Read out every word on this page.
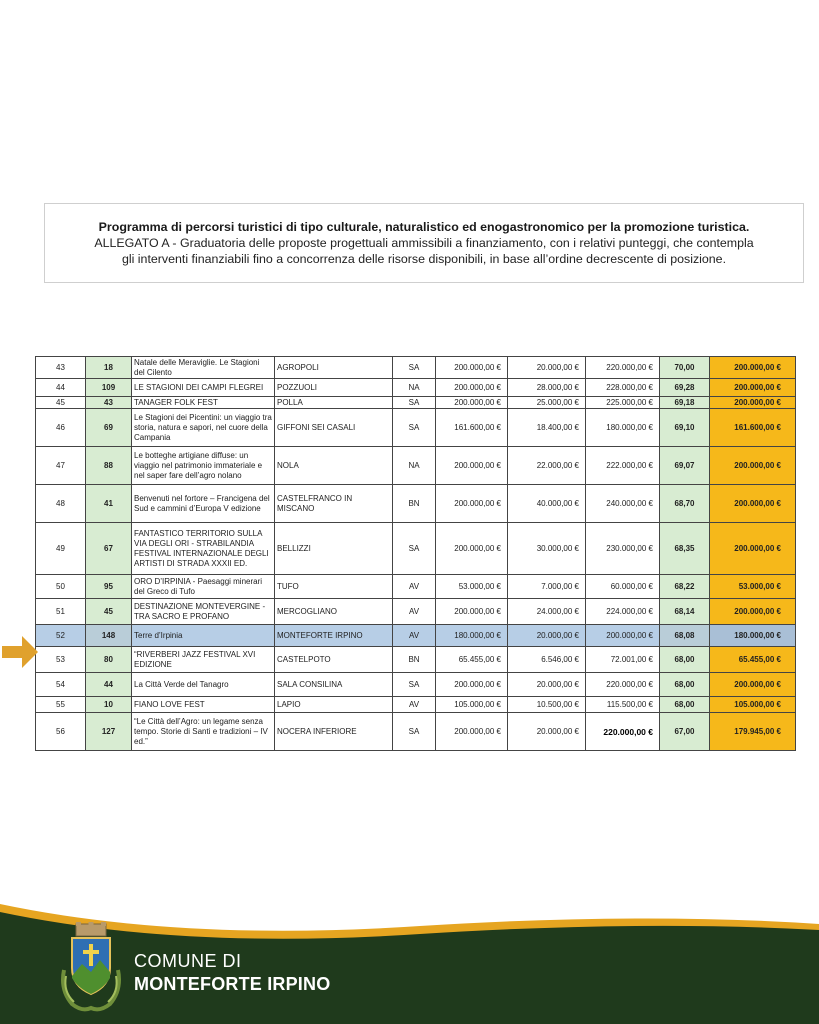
Programma di percorsi turistici di tipo culturale, naturalistico ed enogastronomico per la promozione turistica.
ALLEGATO A - Graduatoria delle proposte progettuali ammissibili a finanziamento, con i relativi punteggi, che contempla
gli interventi finanziabili fino a concorrenza delle risorse disponibili, in base all’ordine decrescente di posizione.
43	18	Natale delle Meraviglie. Le Stagioni del Cilento	AGROPOLI	SA	200.000,00 €	20.000,00 €	220.000,00 €	70,00	200.000,00 €
44	109	LE STAGIONI DEI CAMPI FLEGREI	POZZUOLI	NA	200.000,00 €	28.000,00 €	228.000,00 €	69,28	200.000,00 €
45	43	TANAGER FOLK FEST	POLLA	SA	200.000,00 €	25.000,00 €	225.000,00 €	69,18	200.000,00 €
46	69	Le Stagioni dei Picentini: un viaggio tra storia, natura e sapori, nel cuore della Campania	GIFFONI SEI CASALI	SA	161.600,00 €	18.400,00 €	180.000,00 €	69,10	161.600,00 €
47	88	Le botteghe artigiane diffuse: un viaggio nel patrimonio immateriale e nel saper fare dell’agro nolano	NOLA	NA	200.000,00 €	22.000,00 €	222.000,00 €	69,07	200.000,00 €
48	41	Benvenuti nel fortore – Francigena del Sud e cammini d’Europa V edizione	CASTELFRANCO IN MISCANO	BN	200.000,00 €	40.000,00 €	240.000,00 €	68,70	200.000,00 €
49	67	FANTASTICO TERRITORIO SULLA VIA DEGLI ORI - STRABILANDIA FESTIVAL INTERNAZIONALE DEGLI ARTISTI DI STRADA XXXII ED.	BELLIZZI	SA	200.000,00 €	30.000,00 €	230.000,00 €	68,35	200.000,00 €
50	95	ORO D’IRPINIA - Paesaggi minerari del Greco di Tufo	TUFO	AV	53.000,00 €	7.000,00 €	60.000,00 €	68,22	53.000,00 €
51	45	DESTINAZIONE MONTEVERGINE - TRA SACRO E PROFANO	MERCOGLIANO	AV	200.000,00 €	24.000,00 €	224.000,00 €	68,14	200.000,00 €
52	148	Terre d’Irpinia	MONTEFORTE IRPINO	AV	180.000,00 €	20.000,00 €	200.000,00 €	68,08	180.000,00 €
53	80	“RIVERBERI JAZZ FESTIVAL XVI EDIZIONE	CASTELPOTO	BN	65.455,00 €	6.546,00 €	72.001,00 €	68,00	65.455,00 €
54	44	La Città Verde del Tanagro	SALA CONSILINA	SA	200.000,00 €	20.000,00 €	220.000,00 €	68,00	200.000,00 €
55	10	FIANO LOVE FEST	LAPIO	AV	105.000,00 €	10.500,00 €	115.500,00 €	68,00	105.000,00 €
56	127	“Le Città dell’Agro: un legame senza tempo. Storie di Santi e tradizioni – IV ed.”	NOCERA INFERIORE	SA	200.000,00 €	20.000,00 €	220.000,00 €	67,00	179.945,00 €
COMUNE DI
MONTEFORTE IRPINO
